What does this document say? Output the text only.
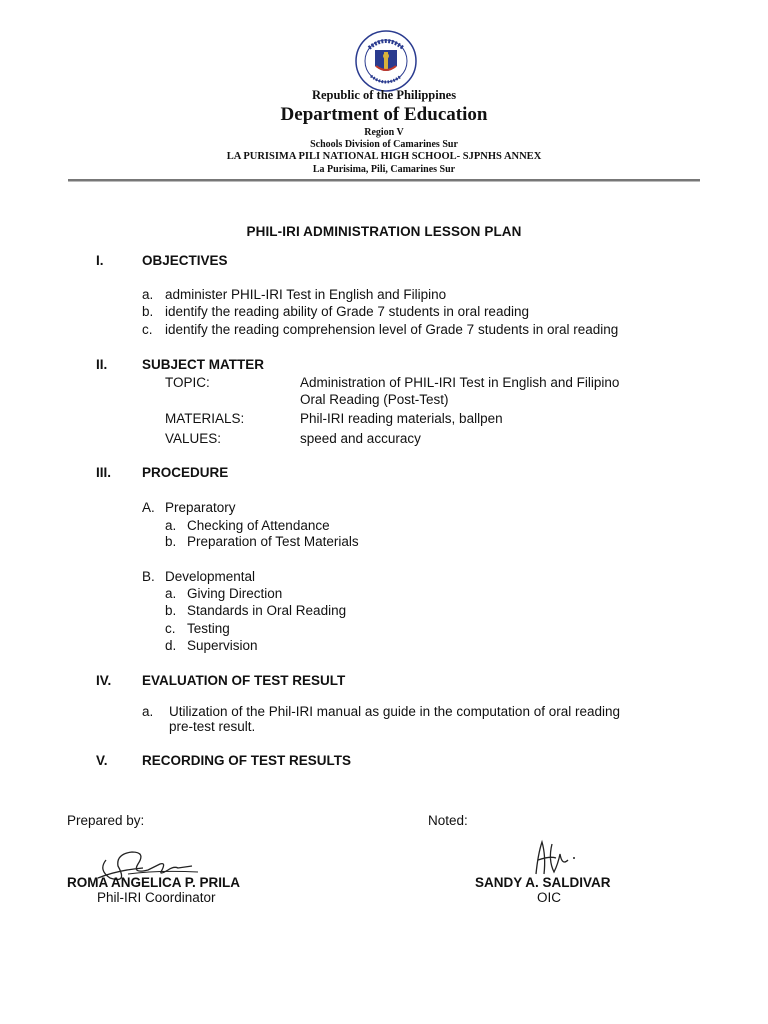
Republic of the Philippines
Department of Education
Region V
Schools Division of Camarines Sur
LA PURISIMA PILI NATIONAL HIGH SCHOOL- SJPNHS ANNEX
La Purisima, Pili, Camarines Sur
PHIL-IRI ADMINISTRATION LESSON PLAN
I.	OBJECTIVES
a. administer PHIL-IRI Test in English and Filipino
b. identify the reading ability of Grade 7 students in oral reading
c. identify the reading comprehension level of Grade 7 students in oral reading
II.	SUBJECT MATTER
TOPIC:	Administration of PHIL-IRI Test in English and Filipino
Oral Reading (Post-Test)
MATERIALS:	Phil-IRI reading materials, ballpen
VALUES:	speed and accuracy
III. PROCEDURE
A. Preparatory
a. Checking of Attendance
b. Preparation of Test Materials
B. Developmental
a. Giving Direction
b. Standards in Oral Reading
c. Testing
d. Supervision
IV. EVALUATION OF TEST RESULT
a. Utilization of the Phil-IRI manual as guide in the computation of oral reading
pre-test result.
V.	RECORDING OF TEST RESULTS
Prepared by:	Noted:
ROMA ANGELICA P. PRILA
Phil-IRI Coordinator
SANDY A. SALDIVAR
OIC
